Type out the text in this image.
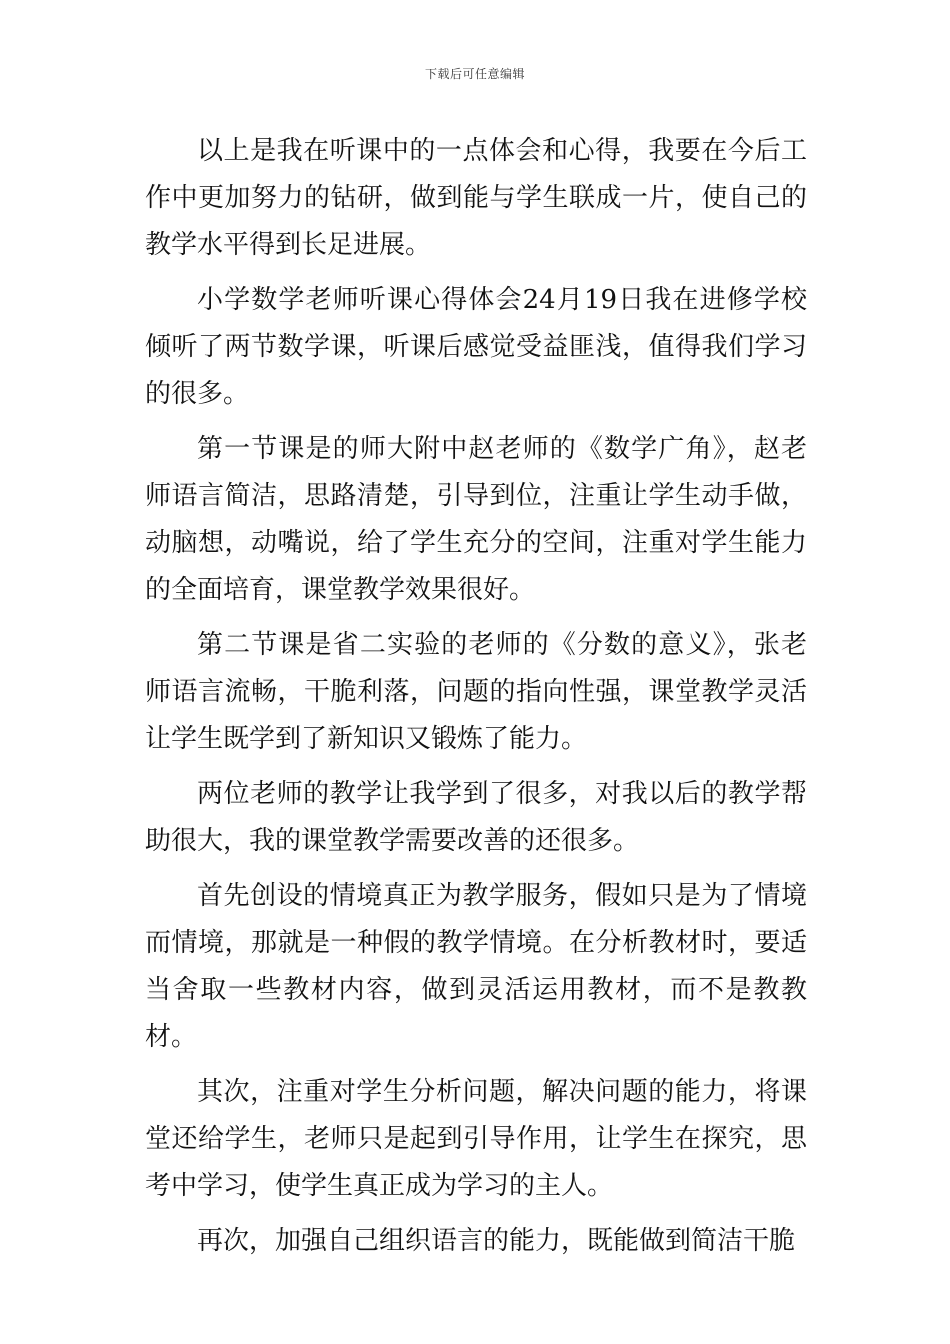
下载后可任意编辑

以上是我在听课中的一点体会和心得，我要在今后工作中更加努力的钻研，做到能与学生联成一片，使自己的教学水平得到长足进展。

小学数学老师听课心得体会24月19日我在进修学校倾听了两节数学课，听课后感觉受益匪浅，值得我们学习的很多。

第一节课是的师大附中赵老师的《数学广角》，赵老师语言简洁，思路清楚，引导到位，注重让学生动手做，动脑想，动嘴说，给了学生充分的空间，注重对学生能力的全面培育，课堂教学效果很好。

第二节课是省二实验的老师的《分数的意义》，张老师语言流畅，干脆利落，问题的指向性强，课堂教学灵活让学生既学到了新知识又锻炼了能力。

两位老师的教学让我学到了很多，对我以后的教学帮助很大，我的课堂教学需要改善的还很多。

首先创设的情境真正为教学服务，假如只是为了情境而情境，那就是一种假的教学情境。在分析教材时，要适当舍取一些教材内容，做到灵活运用教材，而不是教教材。

其次，注重对学生分析问题，解决问题的能力，将课堂还给学生，老师只是起到引导作用，让学生在探究，思考中学习，使学生真正成为学习的主人。

再次，加强自己组织语言的能力，既能做到简洁干脆
